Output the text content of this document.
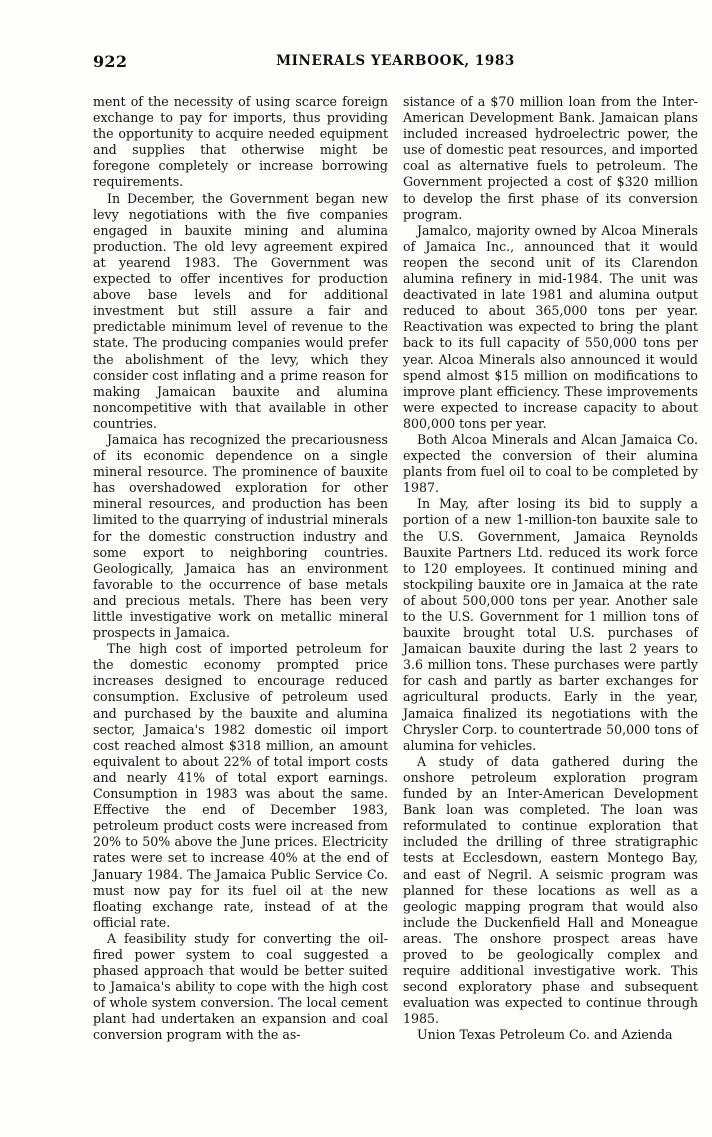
922	MINERALS YEARBOOK, 1983

ment of the necessity of using scarce foreign exchange to pay for imports, thus providing the opportunity to acquire needed equipment and supplies that otherwise might be foregone completely or increase borrowing requirements.

In December, the Government began new levy negotiations with the five companies engaged in bauxite mining and alumina production. The old levy agreement expired at yearend 1983. The Government was expected to offer incentives for production above base levels and for additional investment but still assure a fair and predictable minimum level of revenue to the state. The producing companies would prefer the abolishment of the levy, which they consider cost inflating and a prime reason for making Jamaican bauxite and alumina noncompetitive with that available in other countries.

Jamaica has recognized the precariousness of its economic dependence on a single mineral resource. The prominence of bauxite has overshadowed exploration for other mineral resources, and production has been limited to the quarrying of industrial minerals for the domestic construction industry and some export to neighboring countries. Geologically, Jamaica has an environment favorable to the occurrence of base metals and precious metals. There has been very little investigative work on metallic mineral prospects in Jamaica.

The high cost of imported petroleum for the domestic economy prompted price increases designed to encourage reduced consumption. Exclusive of petroleum used and purchased by the bauxite and alumina sector, Jamaica's 1982 domestic oil import cost reached almost $318 million, an amount equivalent to about 22% of total import costs and nearly 41% of total export earnings. Consumption in 1983 was about the same. Effective the end of December 1983, petroleum product costs were increased from 20% to 50% above the June prices. Electricity rates were set to increase 40% at the end of January 1984. The Jamaica Public Service Co. must now pay for its fuel oil at the new floating exchange rate, instead of at the official rate.

A feasibility study for converting the oil-fired power system to coal suggested a phased approach that would be better suited to Jamaica's ability to cope with the high cost of whole system conversion. The local cement plant had undertaken an expansion and coal conversion program with the as-

sistance of a $70 million loan from the Inter-American Development Bank. Jamaican plans included increased hydroelectric power, the use of domestic peat resources, and imported coal as alternative fuels to petroleum. The Government projected a cost of $320 million to develop the first phase of its conversion program.

Jamalco, majority owned by Alcoa Minerals of Jamaica Inc., announced that it would reopen the second unit of its Clarendon alumina refinery in mid-1984. The unit was deactivated in late 1981 and alumina output reduced to about 365,000 tons per year. Reactivation was expected to bring the plant back to its full capacity of 550,000 tons per year. Alcoa Minerals also announced it would spend almost $15 million on modifications to improve plant efficiency. These improvements were expected to increase capacity to about 800,000 tons per year.

Both Alcoa Minerals and Alcan Jamaica Co. expected the conversion of their alumina plants from fuel oil to coal to be completed by 1987.

In May, after losing its bid to supply a portion of a new 1-million-ton bauxite sale to the U.S. Government, Jamaica Reynolds Bauxite Partners Ltd. reduced its work force to 120 employees. It continued mining and stockpiling bauxite ore in Jamaica at the rate of about 500,000 tons per year. Another sale to the U.S. Government for 1 million tons of bauxite brought total U.S. purchases of Jamaican bauxite during the last 2 years to 3.6 million tons. These purchases were partly for cash and partly as barter exchanges for agricultural products. Early in the year, Jamaica finalized its negotiations with the Chrysler Corp. to countertrade 50,000 tons of alumina for vehicles.

A study of data gathered during the onshore petroleum exploration program funded by an Inter-American Development Bank loan was completed. The loan was reformulated to continue exploration that included the drilling of three stratigraphic tests at Ecclesdown, eastern Montego Bay, and east of Negril. A seismic program was planned for these locations as well as a geologic mapping program that would also include the Duckenfield Hall and Moneague areas. The onshore prospect areas have proved to be geologically complex and require additional investigative work. This second exploratory phase and subsequent evaluation was expected to continue through 1985.

Union Texas Petroleum Co. and Azienda
